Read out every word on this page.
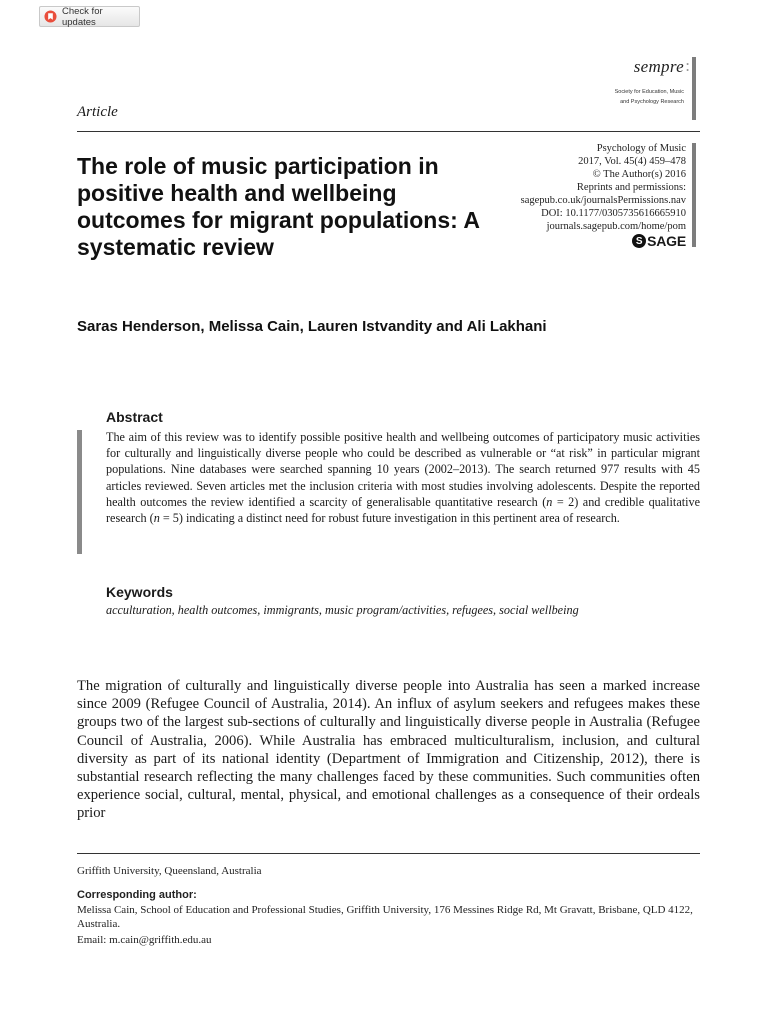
Check for updates
sempre :
Society for Education, Music
and Psychology Research
Article
The role of music participation in positive health and wellbeing outcomes for migrant populations: A systematic review
Psychology of Music
2017, Vol. 45(4) 459–478
© The Author(s) 2016
Reprints and permissions:
sagepub.co.uk/journalsPermissions.nav
DOI: 10.1177/0305735616665910
journals.sagepub.com/home/pom
S SAGE
Saras Henderson, Melissa Cain, Lauren Istvandity and Ali Lakhani
Abstract

The aim of this review was to identify possible positive health and wellbeing outcomes of participatory music activities for culturally and linguistically diverse people who could be described as vulnerable or “at risk” in particular migrant populations. Nine databases were searched spanning 10 years (2002–2013). The search returned 977 results with 45 articles reviewed. Seven articles met the inclusion criteria with most studies involving adolescents. Despite the reported health outcomes the review identified a scarcity of generalisable quantitative research (n = 2) and credible qualitative research (n = 5) indicating a distinct need for robust future investigation in this pertinent area of research.

Keywords
acculturation, health outcomes, immigrants, music program/activities, refugees, social wellbeing

The migration of culturally and linguistically diverse people into Australia has seen a marked increase since 2009 (Refugee Council of Australia, 2014). An influx of asylum seekers and refugees makes these groups two of the largest sub-sections of culturally and linguistically diverse people in Australia (Refugee Council of Australia, 2006). While Australia has embraced multiculturalism, inclusion, and cultural diversity as part of its national identity (Department of Immigration and Citizenship, 2012), there is substantial research reflecting the many challenges faced by these communities. Such communities often experience social, cultural, mental, physical, and emotional challenges as a consequence of their ordeals prior

Griffith University, Queensland, Australia
Corresponding author:
Melissa Cain, School of Education and Professional Studies, Griffith University, 176 Messines Ridge Rd, Mt Gravatt, Brisbane, QLD 4122, Australia.
Email: m.cain@griffith.edu.au
